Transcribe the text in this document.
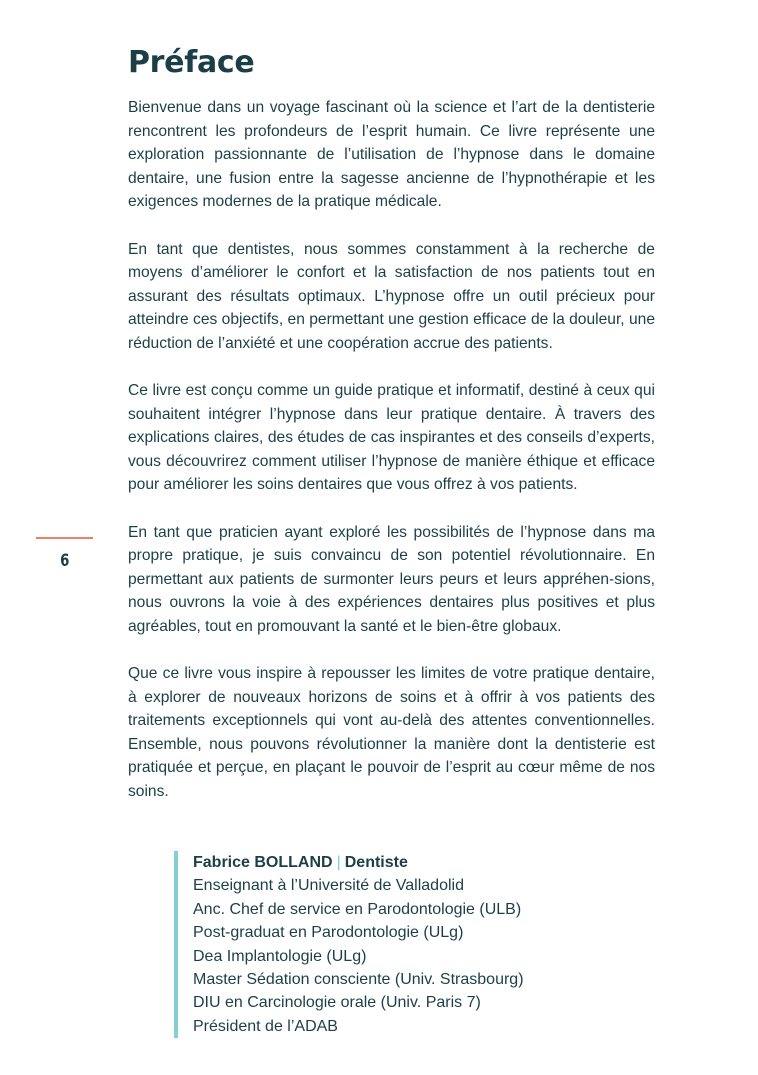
6
Préface

Bienvenue dans un voyage fascinant où la science et l’art de la dentisterie rencontrent les profondeurs de l’esprit humain. Ce livre représente une exploration passionnante de l’utilisation de l’hypnose dans le domaine dentaire, une fusion entre la sagesse ancienne de l’hypnothérapie et les exigences modernes de la pratique médicale.

En tant que dentistes, nous sommes constamment à la recherche de moyens d’améliorer le confort et la satisfaction de nos patients tout en assurant des résultats optimaux. L’hypnose offre un outil précieux pour atteindre ces objectifs, en permettant une gestion efficace de la douleur, une réduction de l’anxiété et une coopération accrue des patients.

Ce livre est conçu comme un guide pratique et informatif, destiné à ceux qui souhaitent intégrer l’hypnose dans leur pratique dentaire. À travers des explications claires, des études de cas inspirantes et des conseils d’experts, vous découvrirez comment utiliser l’hypnose de manière éthique et efficace pour améliorer les soins dentaires que vous offrez à vos patients.

En tant que praticien ayant exploré les possibilités de l’hypnose dans ma propre pratique, je suis convaincu de son potentiel révolutionnaire. En permettant aux patients de surmonter leurs peurs et leurs appréhen-sions, nous ouvrons la voie à des expériences dentaires plus positives et plus agréables, tout en promouvant la santé et le bien-être globaux.

Que ce livre vous inspire à repousser les limites de votre pratique dentaire, à explorer de nouveaux horizons de soins et à offrir à vos patients des traitements exceptionnels qui vont au-delà des attentes conventionnelles. Ensemble, nous pouvons révolutionner la manière dont la dentisterie est pratiquée et perçue, en plaçant le pouvoir de l’esprit au cœur même de nos soins.

Fabrice BOLLAND | Dentiste
Enseignant à l’Université de Valladolid
Anc. Chef de service en Parodontologie (ULB)
Post-graduat en Parodontologie (ULg)
Dea Implantologie (ULg)
Master Sédation consciente (Univ. Strasbourg)
DIU en Carcinologie orale (Univ. Paris 7)
Président de l’ADAB
